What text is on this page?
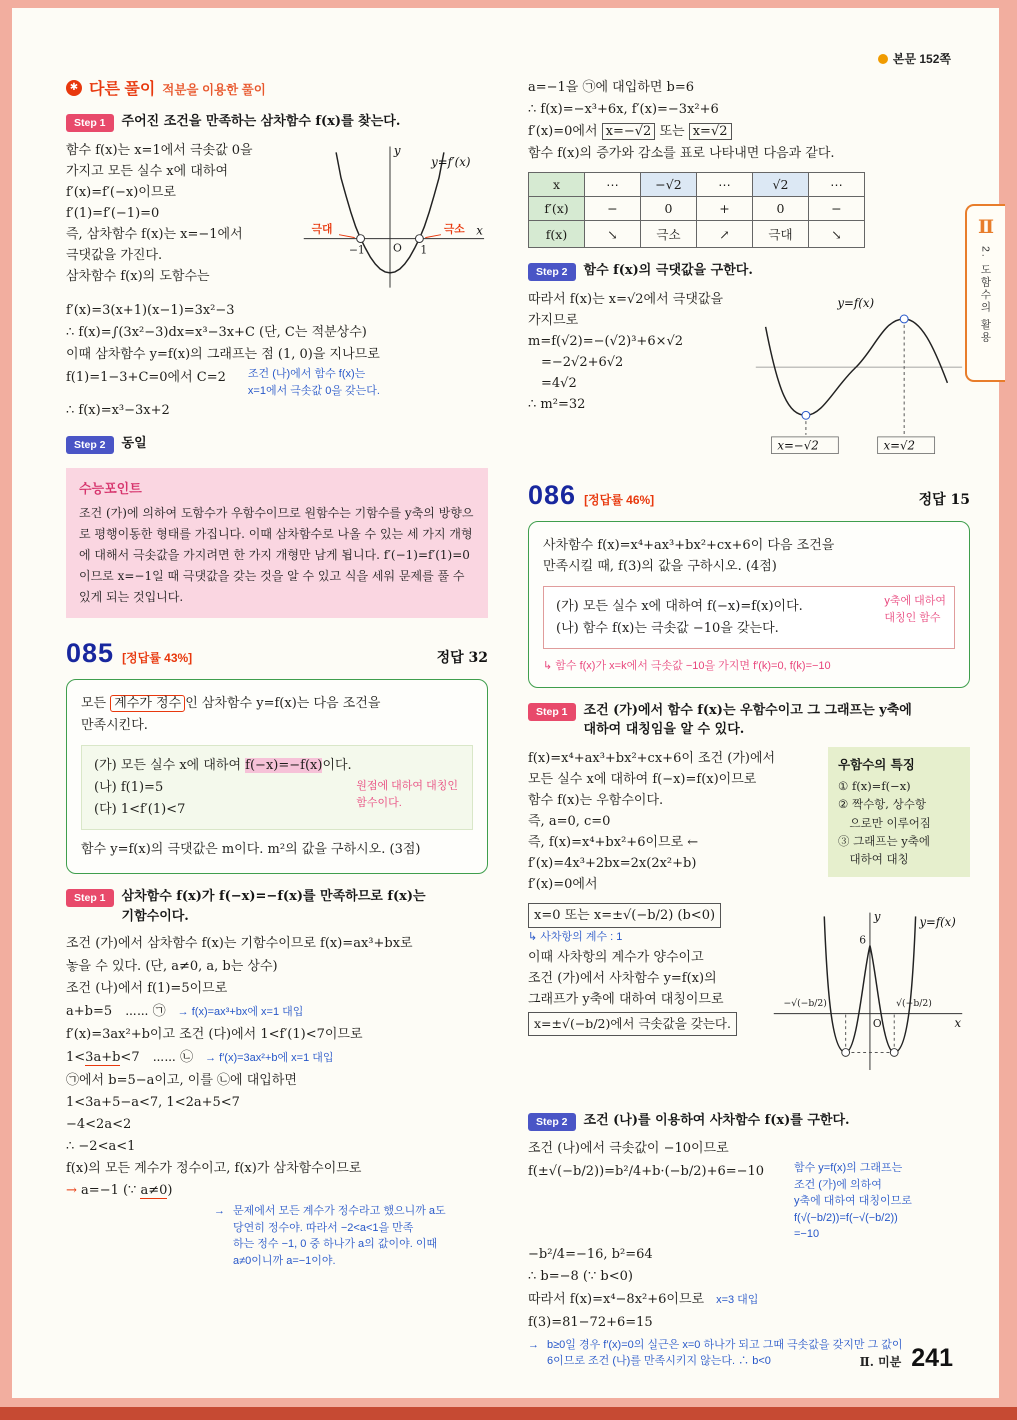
본문 152쪽
Ⅱ
2. 도함수의 활용
✱ 다른 풀이 적분을 이용한 풀이
Step 1	주어진 조건을 만족하는 삼차함수 f(x)를 찾는다.
함수 f(x)는 x=1에서 극솟값 0을
가지고 모든 실수 x에 대하여
f′(x)=f′(−x)이므로
f′(1)=f′(−1)=0
즉, 삼차함수 f(x)는 x=−1에서
극댓값을 가진다.
삼차함수 f(x)의 도함수는
y
x
O
−1	1
극대	극소
y=f′(x)
f′(x)=3(x+1)(x−1)=3x²−3
∴ f(x)=∫(3x²−3)dx=x³−3x+C (단, C는 적분상수)
이때 삼차함수 y=f(x)의 그래프는 점 (1, 0)을 지나므로
f(1)=1−3+C=0에서 C=2 조건 (나)에서 함수 f(x)는
x=1에서 극솟값 0을 갖는다.
∴ f(x)=x³−3x+2
Step 2	동일
수능포인트
조건 (가)에 의하여 도함수가 우함수이므로 원함수는 기함수를 y축의 방향으로 평행이동한 형태를 가집니다. 이때 삼차함수로 나올 수 있는 세 가지 개형에 대해서 극솟값을 가지려면 한 가지 개형만 남게 됩니다. f′(−1)=f′(1)=0이므로 x=−1일 때 극댓값을 갖는 것을 알 수 있고 식을 세워 문제를 풀 수 있게 되는 것입니다.
085 [정답률 43%]	정답 32
모든 계수가 정수 인 삼차함수 y=f(x)는 다음 조건을
만족시킨다.
(가) 모든 실수 x에 대하여 f(−x)=−f(x)이다.
원점에 대하여 대칭인
함수이다.
(나) f(1)=5
(다) 1<f′(1)<7
함수 y=f(x)의 극댓값은 m이다. m²의 값을 구하시오. (3점)
Step 1	삼차함수 f(x)가 f(−x)=−f(x)를 만족하므로 f(x)는
기함수이다.
조건 (가)에서 삼차함수 f(x)는 기함수이므로 f(x)=ax³+bx로
놓을 수 있다. (단, a≠0, a, b는 상수)
조건 (나)에서 f(1)=5이므로
a+b=5　⋯⋯ ㉠ → f(x)=ax³+bx에 x=1 대입
f′(x)=3ax²+b이고 조건 (다)에서 1<f′(1)<7이므로
1<3a+b<7　⋯⋯ ㉡ → f′(x)=3ax²+b에 x=1 대입
㉠에서 b=5−a이고, 이를 ㉡에 대입하면
1<3a+5−a<7, 1<2a+5<7
−4<2a<2
∴ −2<a<1
f(x)의 모든 계수가 정수이고, f(x)가 삼차함수이므로
→ a=−1 (∵ a≠0)
→ 문제에서 모든 계수가 정수라고 했으니까 a도
당연히 정수야. 따라서 −2<a<1을 만족
하는 정수 −1, 0 중 하나가 a의 값이야. 이때
a≠0이니까 a=−1이야.
a=−1을 ㉠에 대입하면 b=6
∴ f(x)=−x³+6x, f′(x)=−3x²+6
f′(x)=0에서 x=−√2 또는 x=√2
함수 f(x)의 증가와 감소를 표로 나타내면 다음과 같다.
x	⋯	−√2	⋯	√2	⋯
f′(x)	−	0	+	0	−
f(x)	↘	극소	↗	극대	↘
Step 2	함수 f(x)의 극댓값을 구한다.
따라서 f(x)는 x=√2에서 극댓값을
가지므로
m=f(√2)=−(√2)³+6×√2
　=−2√2+6√2
　=4√2
∴ m²=32
y=f(x)
x=−√2	x=√2
086 [정답률 46%]	정답 15
사차함수 f(x)=x⁴+ax³+bx²+cx+6이 다음 조건을
만족시킬 때, f(3)의 값을 구하시오. (4점)
(가) 모든 실수 x에 대하여 f(−x)=f(x)이다.	y축에 대하여
대칭인 함수
(나) 함수 f(x)는 극솟값 −10을 갖는다.
↳ 함수 f(x)가 x=k에서 극솟값 −10을 가지면 f′(k)=0, f(k)=−10
Step 1	조건 (가)에서 함수 f(x)는 우함수이고 그 그래프는 y축에
대하여 대칭임을 알 수 있다.
f(x)=x⁴+ax³+bx²+cx+6이 조건 (가)에서
모든 실수 x에 대하여 f(−x)=f(x)이므로
함수 f(x)는 우함수이다.
즉, a=0, c=0
즉, f(x)=x⁴+bx²+6이므로 ←
f′(x)=4x³+2bx=2x(2x²+b)
f′(x)=0에서
우함수의 특징
① f(x)=f(−x)
② 짝수항, 상수항
　으로만 이루어짐
③ 그래프는 y축에
　대하여 대칭
x=0 또는 x=±√(−b/2) (b<0)
↳ 사차항의 계수 : 1
이때 사차항의 계수가 양수이고
조건 (가)에서 사차함수 y=f(x)의
그래프가 y축에 대하여 대칭이므로
x=±√(−b/2)에서 극솟값을 갖는다.
y
x
O
6
y=f(x)
√(−b/2)
−√(−b/2)
Step 2	조건 (나)를 이용하여 사차함수 f(x)를 구한다.
조건 (나)에서 극솟값이 −10이므로
f(±√(−b/2))=b²/4+b·(−b/2)+6=−10	함수 y=f(x)의 그래프는
조건 (가)에 의하여
y축에 대하여 대칭이므로
f(√(−b/2))=f(−√(−b/2))
=−10
−b²/4=−16, b²=64
∴ b=−8 (∵ b<0)
따라서 f(x)=x⁴−8x²+6이므로 x=3 대입
f(3)=81−72+6=15
→ b≥0일 경우 f′(x)=0의 실근은 x=0 하나가 되고 그때 극솟값을 갖지만 그 값이
6이므로 조건 (나)를 만족시키지 않는다. ∴ b<0	Ⅱ. 미분 241
